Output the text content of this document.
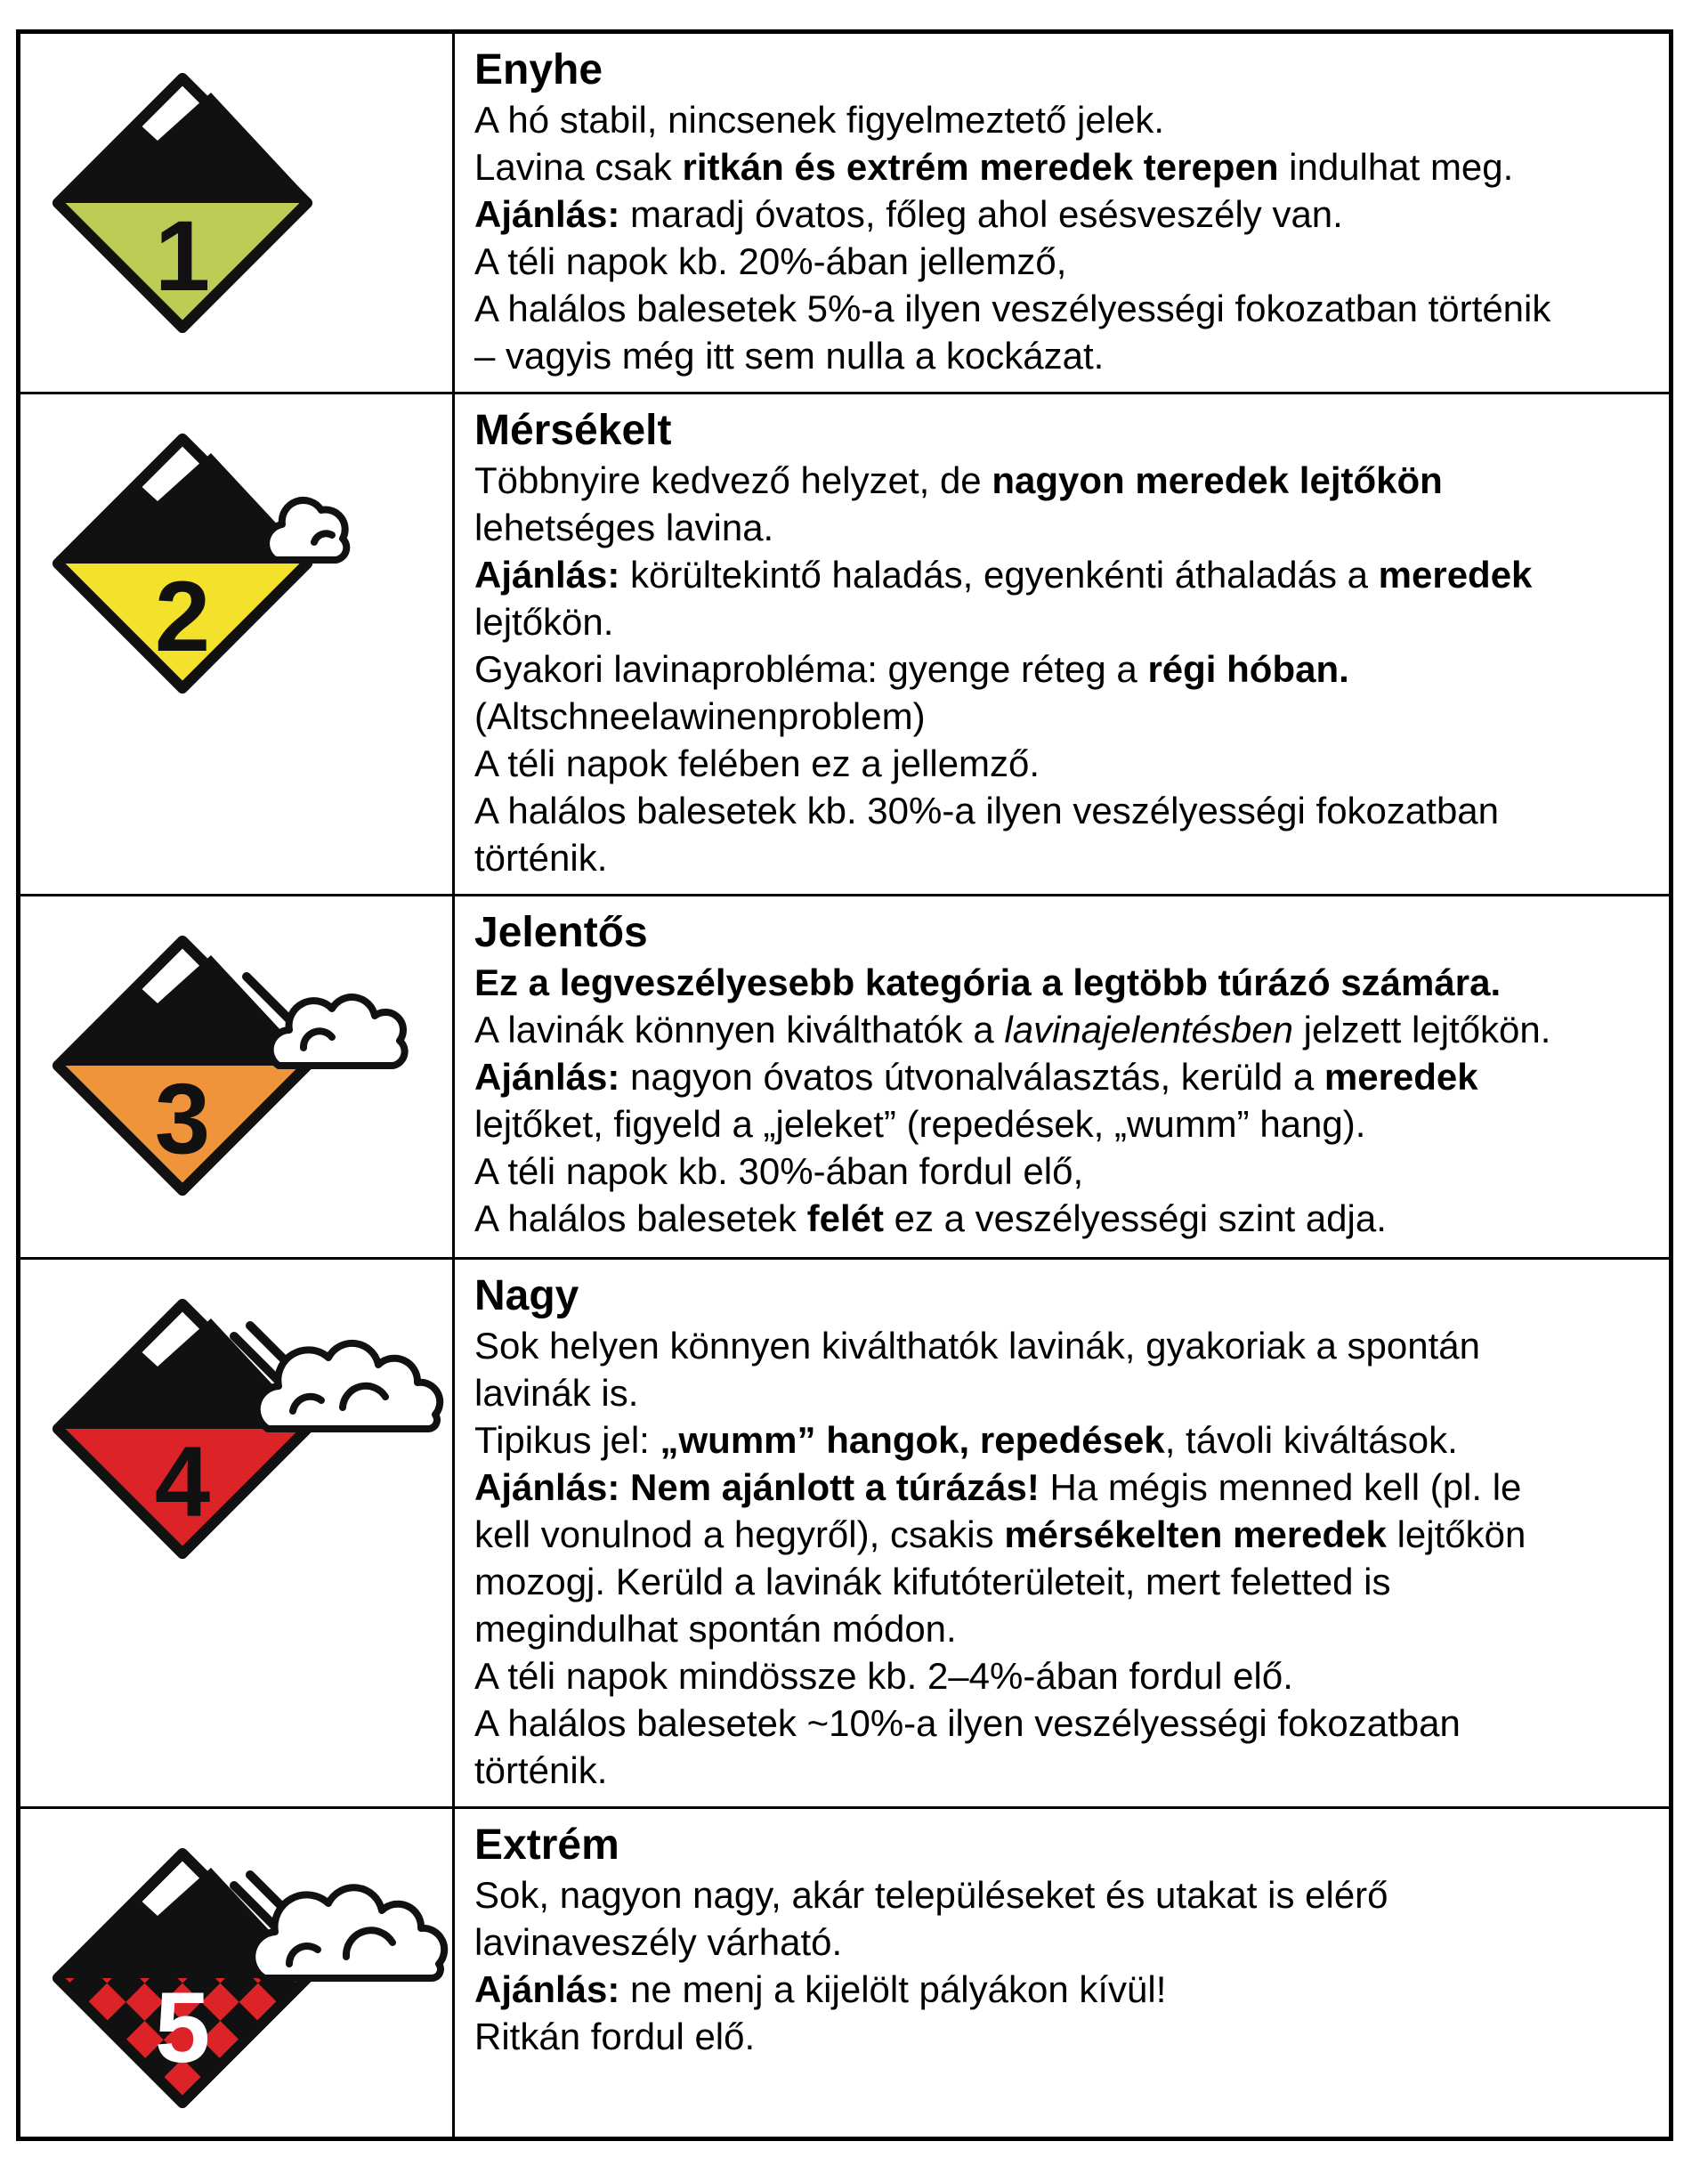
1
Enyhe
A hó stabil, nincsenek figyelmeztető jelek.
Lavina csak ritkán és extrém meredek terepen indulhat meg.
Ajánlás: maradj óvatos, főleg ahol esésveszély van.
A téli napok kb. 20%-ában jellemző,
A halálos balesetek 5%-a ilyen veszélyességi fokozatban történik
– vagyis még itt sem nulla a kockázat.
2
Mérsékelt
Többnyire kedvező helyzet, de nagyon meredek lejtőkön
lehetséges lavina.
Ajánlás: körültekintő haladás, egyenkénti áthaladás a meredek
lejtőkön.
Gyakori lavinaprobléma: gyenge réteg a régi hóban.
(Altschneelawinenproblem)
A téli napok felében ez a jellemző.
A halálos balesetek kb. 30%-a ilyen veszélyességi fokozatban
történik.
3
Jelentős
Ez a legveszélyesebb kategória a legtöbb túrázó számára.
A lavinák könnyen kiválthatók a lavinajelentésben jelzett lejtőkön.
Ajánlás: nagyon óvatos útvonalválasztás, kerüld a meredek
lejtőket, figyeld a „jeleket” (repedések, „wumm” hang).
A téli napok kb. 30%-ában fordul elő,
A halálos balesetek felét ez a veszélyességi szint adja.
4
Nagy
Sok helyen könnyen kiválthatók lavinák, gyakoriak a spontán
lavinák is.
Tipikus jel: „wumm” hangok, repedések, távoli kiváltások.
Ajánlás: Nem ajánlott a túrázás! Ha mégis menned kell (pl. le
kell vonulnod a hegyről), csakis mérsékelten meredek lejtőkön
mozogj. Kerüld a lavinák kifutóterületeit, mert feletted is
megindulhat spontán módon.
A téli napok mindössze kb. 2–4%-ában fordul elő.
A halálos balesetek ~10%-a ilyen veszélyességi fokozatban
történik.
5
Extrém
Sok, nagyon nagy, akár településeket és utakat is elérő
lavinaveszély várható.
Ajánlás: ne menj a kijelölt pályákon kívül!
Ritkán fordul elő.
